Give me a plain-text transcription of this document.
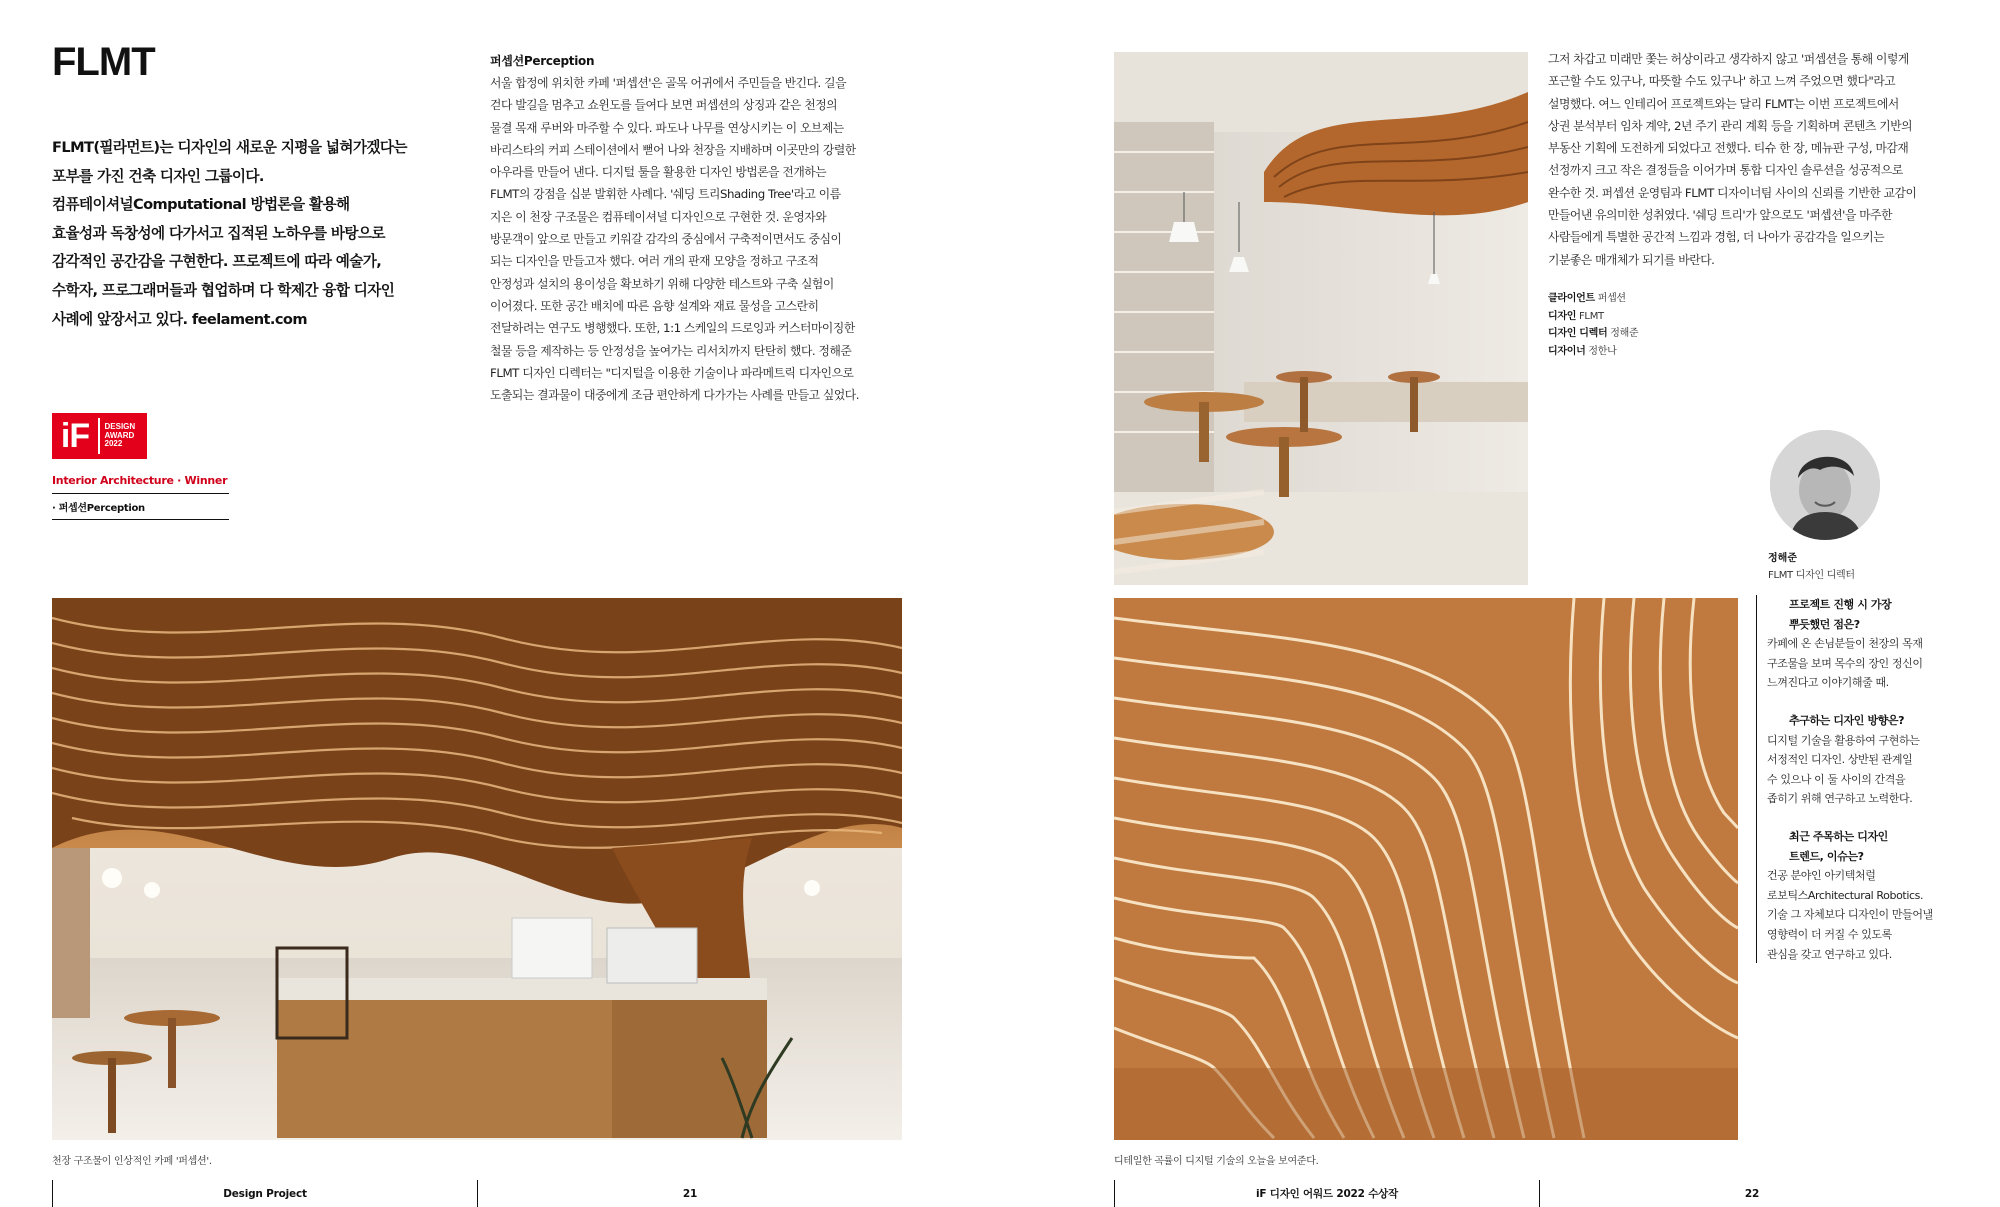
FLMT

FLMT(필라먼트)는 디자인의 새로운 지평을 넓혀가겠다는

포부를 가진 건축 디자인 그룹이다.

컴퓨테이셔널Computational 방법론을 활용해

효율성과 독창성에 다가서고 집적된 노하우를 바탕으로

감각적인 공간감을 구현한다. 프로젝트에 따라 예술가,

수학자, 프로그래머들과 협업하며 다 학제간 융합 디자인

사례에 앞장서고 있다. feelament.com

iF	DESIGN
AWARD
2022
Interior Architecture · Winner
· 퍼셉션Perception
퍼셉션Perception

서울 합정에 위치한 카페 '퍼셉션'은 골목 어귀에서 주민들을 반긴다. 길을

걷다 발길을 멈추고 쇼윈도를 들여다 보면 퍼셉션의 상징과 같은 천정의

물결 목재 루버와 마주할 수 있다. 파도나 나무를 연상시키는 이 오브제는

바리스타의 커피 스테이션에서 뻗어 나와 천장을 지배하며 이곳만의 강렬한

아우라를 만들어 낸다. 디지털 툴을 활용한 디자인 방법론을 전개하는

FLMT의 강점을 십분 발휘한 사례다. '쉐딩 트리Shading Tree'라고 이름

지은 이 천장 구조물은 컴퓨테이셔널 디자인으로 구현한 것. 운영자와

방문객이 앞으로 만들고 키워갈 감각의 중심에서 구축적이면서도 중심이

되는 디자인을 만들고자 했다. 여러 개의 판재 모양을 정하고 구조적

안정성과 설치의 용이성을 확보하기 위해 다양한 테스트와 구축 실험이

이어졌다. 또한 공간 배치에 따른 음향 설계와 재료 물성을 고스란히

전달하려는 연구도 병행했다. 또한, 1:1 스케일의 드로잉과 커스터마이징한

철물 등을 제작하는 등 안정성을 높여가는 리서치까지 탄탄히 했다. 정해준

FLMT 디자인 디렉터는 "디지털을 이용한 기술이나 파라메트릭 디자인으로

도출되는 결과물이 대중에게 조금 편안하게 다가가는 사례를 만들고 싶었다.

천장 구조물이 인상적인 카페 '퍼셉션'.	디테일한 곡률이 디지털 기술의 오늘을 보여준다.

그저 차갑고 미래만 쫓는 허상이라고 생각하지 않고 '퍼셉션을 통해 이렇게

포근할 수도 있구나, 따뜻할 수도 있구나' 하고 느껴 주었으면 했다"라고

설명했다. 여느 인테리어 프로젝트와는 달리 FLMT는 이번 프로젝트에서

상권 분석부터 임차 계약, 2년 주기 관리 계획 등을 기획하며 콘텐츠 기반의

부동산 기획에 도전하게 되었다고 전했다. 티슈 한 장, 메뉴판 구성, 마감재

선정까지 크고 작은 결정들을 이어가며 통합 디자인 솔루션을 성공적으로

완수한 것. 퍼셉션 운영팀과 FLMT 디자이너팀 사이의 신뢰를 기반한 교감이

만들어낸 유의미한 성취였다. '쉐딩 트리'가 앞으로도 '퍼셉션'을 마주한

사람들에게 특별한 공간적 느낌과 경험, 더 나아가 공감각을 일으키는

기분좋은 매개체가 되기를 바란다.

클라이언트 퍼셉션
디자인 FLMT
디자인 디렉터 정해준
디자이너 정한나
정해준
FLMT 디자인 디렉터
프로젝트 진행 시 가장
뿌듯했던 점은?

카페에 온 손님분들이 천장의 목재

구조물을 보며 목수의 장인 정신이

느껴진다고 이야기해줄 때.

추구하는 디자인 방향은?

디지털 기술을 활용하여 구현하는

서정적인 디자인. 상반된 관계일

수 있으나 이 둘 사이의 간격을

좁히기 위해 연구하고 노력한다.

최근 주목하는 디자인
트렌드, 이슈는?

건공 분야인 아키텍처럴

로보틱스Architectural Robotics.

기술 그 자체보다 디자인이 만들어낼

영향력이 더 커질 수 있도록

관심을 갖고 연구하고 있다.

Design Project	21	iF 디자인 어워드 2022 수상작	22
